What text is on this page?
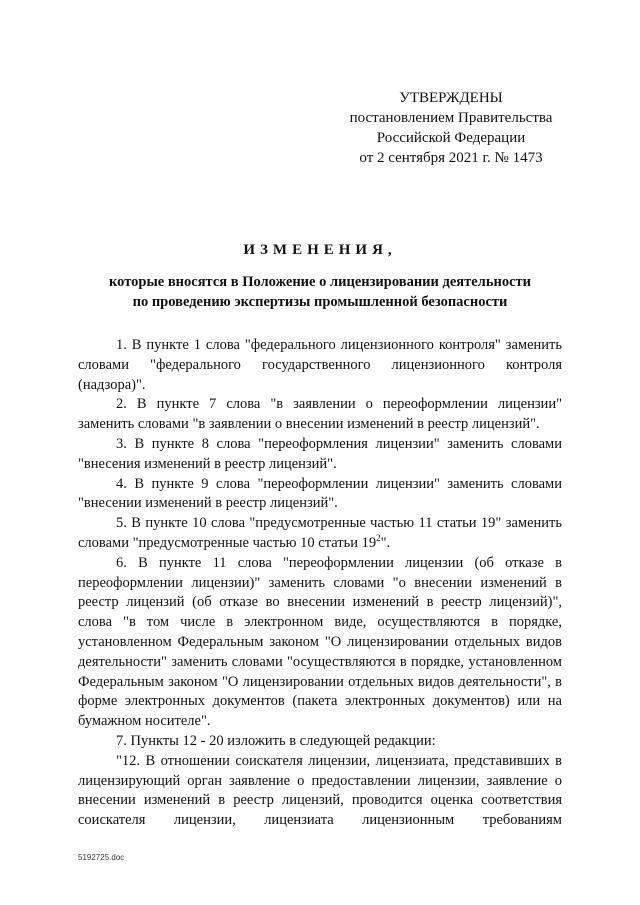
УТВЕРЖДЕНЫ
постановлением Правительства
Российской Федерации
от 2 сентября 2021 г. № 1473
ИЗМЕНЕНИЯ,
которые вносятся в Положение о лицензировании деятельности
по проведению экспертизы промышленной безопасности

1. В пункте 1 слова "федерального лицензионного контроля" заменить словами "федерального государственного лицензионного контроля (надзора)".

2. В пункте 7 слова "в заявлении о переоформлении лицензии" заменить словами "в заявлении о внесении изменений в реестр лицензий".

3. В пункте 8 слова "переоформления лицензии" заменить словами "внесения изменений в реестр лицензий".

4. В пункте 9 слова "переоформлении лицензии" заменить словами "внесении изменений в реестр лицензий".

5. В пункте 10 слова "предусмотренные частью 11 статьи 19" заменить словами "предусмотренные частью 10 статьи $19^2$".

6. В пункте 11 слова "переоформлении лицензии (об отказе в переоформлении лицензии)" заменить словами "о внесении изменений в реестр лицензий (об отказе во внесении изменений в реестр лицензий)", слова "в том числе в электронном виде, осуществляются в порядке, установленном Федеральным законом "О лицензировании отдельных видов деятельности" заменить словами "осуществляются в порядке, установленном Федеральным законом "О лицензировании отдельных видов деятельности", в форме электронных документов (пакета электронных документов) или на бумажном носителе".

7. Пункты 12 - 20 изложить в следующей редакции:

"12. В отношении соискателя лицензии, лицензиата, представивших в лицензирующий орган заявление о предоставлении лицензии, заявление о внесении изменений в реестр лицензий, проводится оценка соответствия соискателя лицензии, лицензиата лицензионным требованиям

5192725.doc
